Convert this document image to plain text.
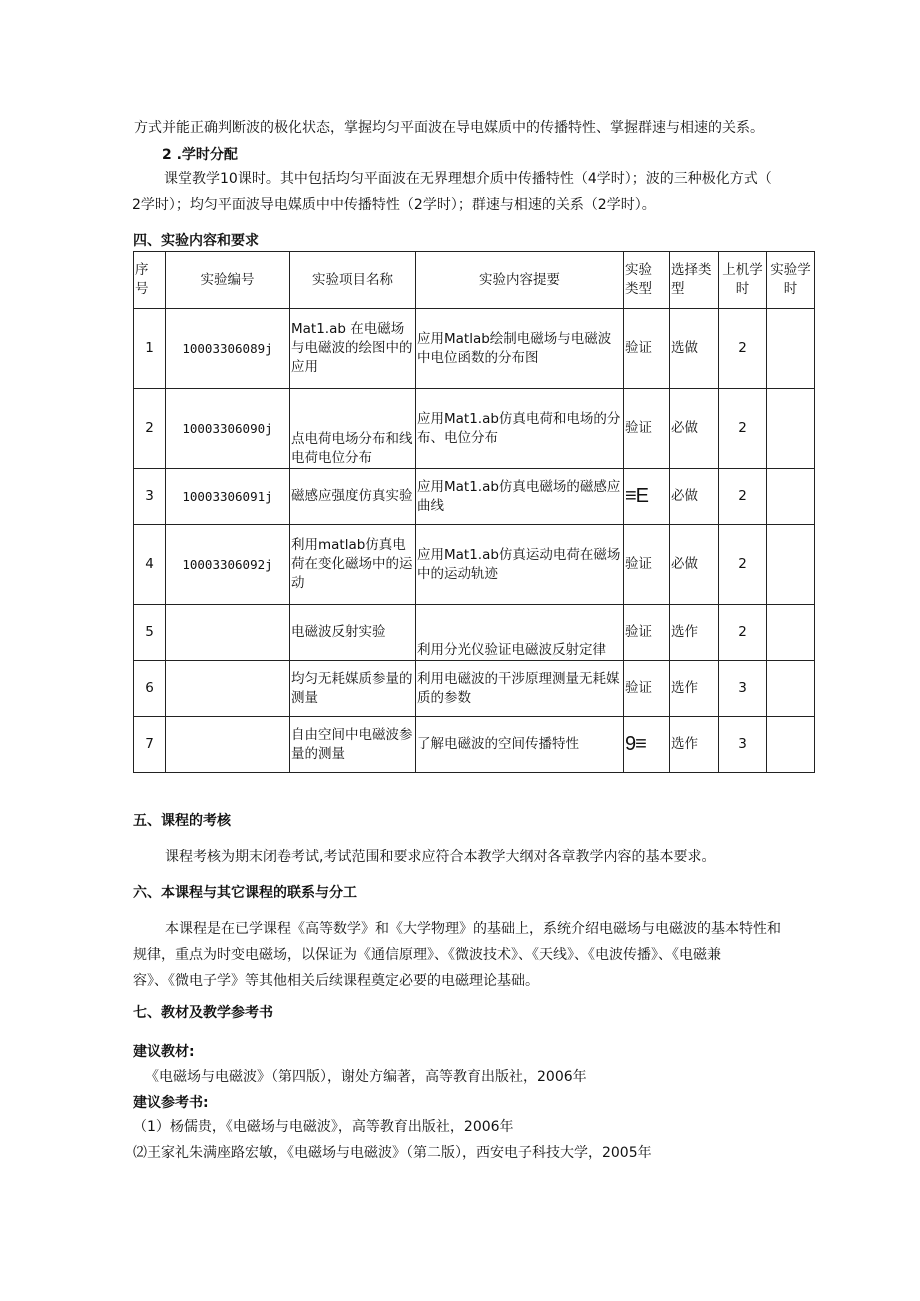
方式并能正确判断波的极化状态，掌握均匀平面波在导电媒质中的传播特性、掌握群速与相速的关系。
2 .学时分配
课堂教学10课时。其中包括均匀平面波在无界理想介质中传播特性（4学时）；波的三种极化方式（
2学时）；均匀平面波导电媒质中中传播特性（2学时）；群速与相速的关系（2学时）。
四、实验内容和要求
序
号	实验编号	实验项目名称	实验内容提要	实验
类型	选择类
型	上机学
时	实验学
时
1	10003306089j	Mat1.ab 在电磁场与电磁波的绘图中的应用	应用Matlab绘制电磁场与电磁波中电位函数的分布图	验证	选做	2	
2	10003306090j	点电荷电场分布和线电荷电位分布	应用Mat1.ab仿真电荷和电场的分布、电位分布	验证	必做	2	
3	10003306091j	磁感应强度仿真实验	应用Mat1.ab仿真电磁场的磁感应曲线	≡E	必做	2	
4	10003306092j	利用matlab仿真电荷在变化磁场中的运动	应用Mat1.ab仿真运动电荷在磁场中的运动轨迹	验证	必做	2	
5		电磁波反射实验	利用分光仪验证电磁波反射定律	验证	选作	2	
6		均匀无耗媒质参量的测量	利用电磁波的干涉原理测量无耗媒质的参数	验证	选作	3	
7		自由空间中电磁波参量的测量	了解电磁波的空间传播特性	9≡	选作	3	
五、课程的考核
课程考核为期末闭卷考试,考试范围和要求应符合本教学大纲对各章教学内容的基本要求。
六、本课程与其它课程的联系与分工
本课程是在已学课程《高等数学》和《大学物理》的基础上，系统介绍电磁场与电磁波的基本特性和
规律，重点为时变电磁场，以保证为《通信原理》、《微波技术》、《天线》、《电波传播》、《电磁兼
容》、《微电子学》等其他相关后续课程奠定必要的电磁理论基础。
七、教材及教学参考书
建议教材:
《电磁场与电磁波》（第四版），谢处方编著，高等教育出版社，2006年
建议参考书:
（1）杨儒贵，《电磁场与电磁波》，高等教育出版社，2006年
⑵王家礼朱满座路宏敏，《电磁场与电磁波》（第二版），西安电子科技大学，2005年
